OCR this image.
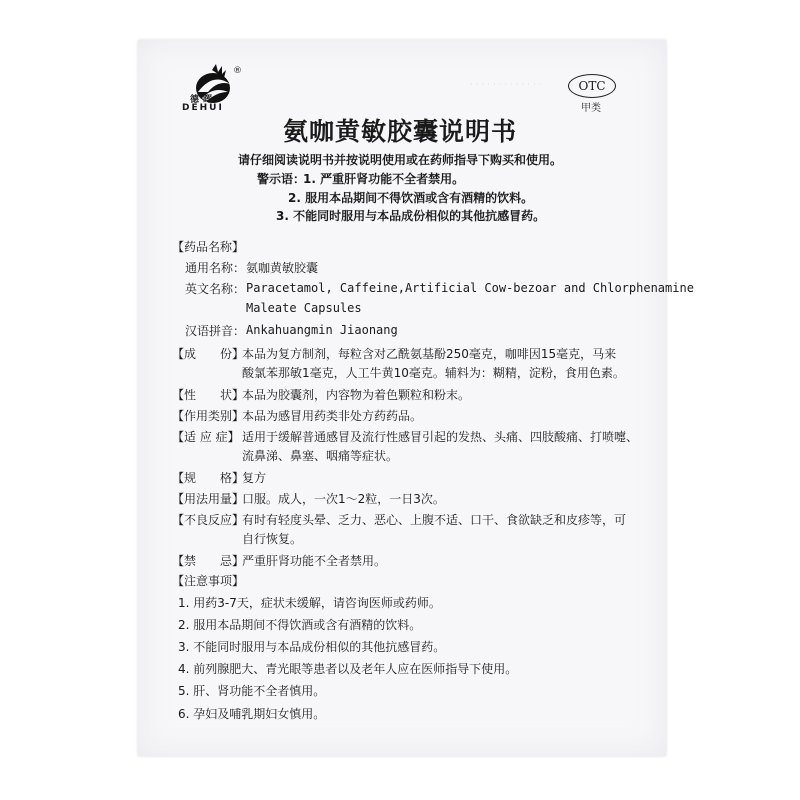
· · · · · · · · · · · · ·
®
德晖
DEHUI
OTC
甲类
氨咖黄敏胶囊说明书
请仔细阅读说明书并按说明使用或在药师指导下购买和使用。
警示语：
1. 严重肝肾功能不全者禁用。
2. 服用本品期间不得饮酒或含有酒精的饮料。
3. 不能同时服用与本品成份相似的其他抗感冒药。
【药品名称】
通用名称： 氨咖黄敏胶囊
英文名称： Paracetamol, Caffeine,Artificial Cow-bezoar and Chlorphenamine
Maleate Capsules
汉语拼音： Ankahuangmin Jiaonang
【成　　份】
本品为复方制剂，每粒含对乙酰氨基酚250毫克，咖啡因15毫克，马来
酸氯苯那敏1毫克，人工牛黄10毫克。辅料为：糊精，淀粉，食用色素。
【性　　状】
本品为胶囊剂，内容物为着色颗粒和粉末。
【作用类别】
本品为感冒用药类非处方药药品。
【适 应 症】 适用于缓解普通感冒及流行性感冒引起的发热、头痛、四肢酸痛、打喷嚏、
流鼻涕、鼻塞、咽痛等症状。
【规　　格】
复方
【用法用量】
口服。成人，一次1～2粒，一日3次。
【不良反应】
有时有轻度头晕、乏力、恶心、上腹不适、口干、食欲缺乏和皮疹等，可
自行恢复。
【禁　　忌】
严重肝肾功能不全者禁用。
【注意事项】
1. 用药3-7天，症状未缓解，请咨询医师或药师。
2. 服用本品期间不得饮酒或含有酒精的饮料。
3. 不能同时服用与本品成份相似的其他抗感冒药。
4. 前列腺肥大、青光眼等患者以及老年人应在医师指导下使用。
5. 肝、肾功能不全者慎用。
6. 孕妇及哺乳期妇女慎用。
